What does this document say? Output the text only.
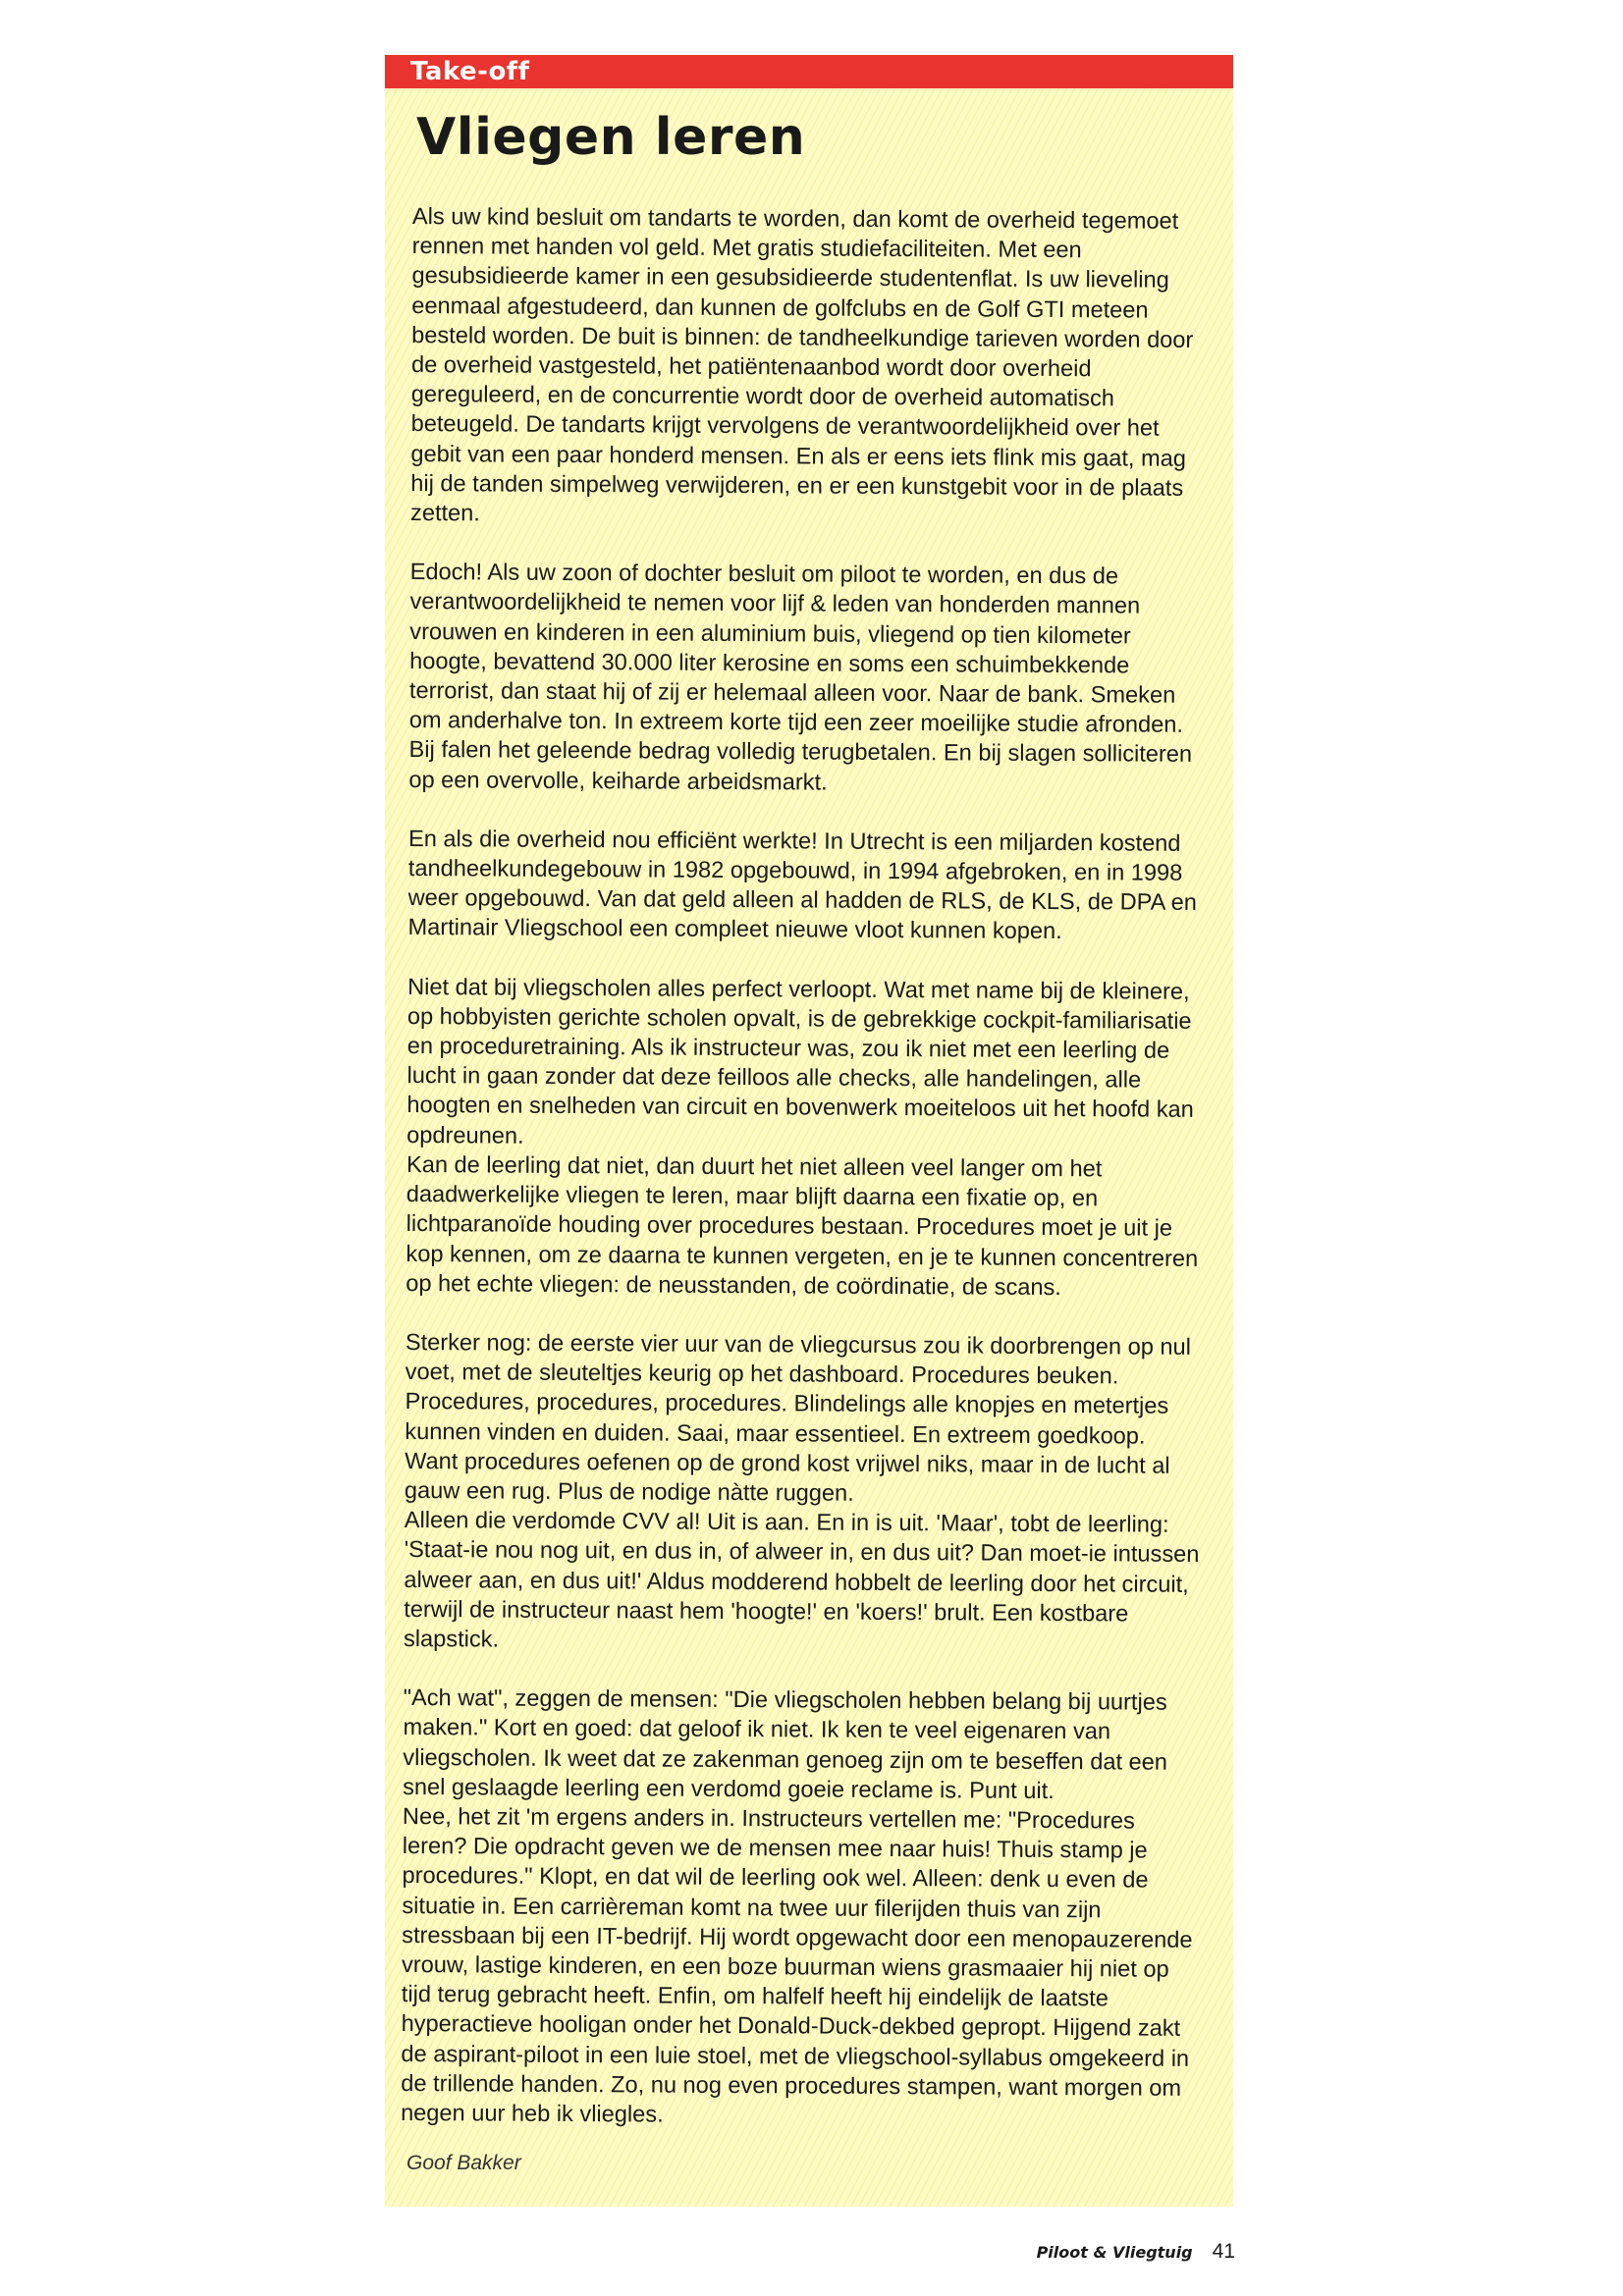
Take-off
Vliegen leren

Als uw kind besluit om tandarts te worden, dan komt de overheid tegemoet rennen met handen vol geld. Met gratis studiefaciliteiten. Met een gesubsidieerde kamer in een gesubsidieerde studentenflat. Is uw lieveling eenmaal afgestudeerd, dan kunnen de golfclubs en de Golf GTI meteen besteld worden. De buit is binnen: de tandheelkundige tarieven worden door de overheid vastgesteld, het patiëntenaanbod wordt door overheid gereguleerd, en de concurrentie wordt door de overheid automatisch beteugeld. De tandarts krijgt vervolgens de verantwoordelijkheid over het gebit van een paar honderd mensen. En als er eens iets flink mis gaat, mag hij de tanden simpelweg verwijderen, en er een kunstgebit voor in de plaats zetten.

Edoch! Als uw zoon of dochter besluit om piloot te worden, en dus de verantwoordelijkheid te nemen voor lijf & leden van honderden mannen vrouwen en kinderen in een aluminium buis, vliegend op tien kilometer hoogte, bevattend 30.000 liter kerosine en soms een schuimbekkende terrorist, dan staat hij of zij er helemaal alleen voor. Naar de bank. Smeken om anderhalve ton. In extreem korte tijd een zeer moeilijke studie afronden. Bij falen het geleende bedrag volledig terugbetalen. En bij slagen solliciteren op een overvolle, keiharde arbeidsmarkt.

En als die overheid nou efficiënt werkte! In Utrecht is een miljarden kostend tandheelkundegebouw in 1982 opgebouwd, in 1994 afgebroken, en in 1998 weer opgebouwd. Van dat geld alleen al hadden de RLS, de KLS, de DPA en Martinair Vliegschool een compleet nieuwe vloot kunnen kopen.

Niet dat bij vliegscholen alles perfect verloopt. Wat met name bij de kleinere, op hobbyisten gerichte scholen opvalt, is de gebrekkige cockpit-familiarisatie en proceduretraining. Als ik instructeur was, zou ik niet met een leerling de lucht in gaan zonder dat deze feilloos alle checks, alle handelingen, alle hoogten en snelheden van circuit en bovenwerk moeiteloos uit het hoofd kan opdreunen.

Kan de leerling dat niet, dan duurt het niet alleen veel langer om het daadwerkelijke vliegen te leren, maar blijft daarna een fixatie op, en lichtparanoïde houding over procedures bestaan. Procedures moet je uit je kop kennen, om ze daarna te kunnen vergeten, en je te kunnen concentreren op het echte vliegen: de neusstanden, de coördinatie, de scans.

Sterker nog: de eerste vier uur van de vliegcursus zou ik doorbrengen op nul voet, met de sleuteltjes keurig op het dashboard. Procedures beuken. Procedures, procedures, procedures. Blindelings alle knopjes en metertjes kunnen vinden en duiden. Saai, maar essentieel. En extreem goedkoop. Want procedures oefenen op de grond kost vrijwel niks, maar in de lucht al gauw een rug. Plus de nodige nàtte ruggen.

Alleen die verdomde CVV al! Uit is aan. En in is uit. 'Maar', tobt de leerling: 'Staat-ie nou nog uit, en dus in, of alweer in, en dus uit? Dan moet-ie intussen alweer aan, en dus uit!' Aldus modderend hobbelt de leerling door het circuit, terwijl de instructeur naast hem 'hoogte!' en 'koers!' brult. Een kostbare slapstick.

"Ach wat", zeggen de mensen: "Die vliegscholen hebben belang bij uurtjes maken." Kort en goed: dat geloof ik niet. Ik ken te veel eigenaren van vliegscholen. Ik weet dat ze zakenman genoeg zijn om te beseffen dat een snel geslaagde leerling een verdomd goeie reclame is. Punt uit.

Nee, het zit 'm ergens anders in. Instructeurs vertellen me: "Procedures leren? Die opdracht geven we de mensen mee naar huis! Thuis stamp je procedures." Klopt, en dat wil de leerling ook wel. Alleen: denk u even de situatie in. Een carrièreman komt na twee uur filerijden thuis van zijn stressbaan bij een IT-bedrijf. Hij wordt opgewacht door een menopauzerende vrouw, lastige kinderen, en een boze buurman wiens grasmaaier hij niet op tijd terug gebracht heeft. Enfin, om halfelf heeft hij eindelijk de laatste hyperactieve hooligan onder het Donald-Duck-dekbed gepropt. Hijgend zakt de aspirant-piloot in een luie stoel, met de vliegschool-syllabus omgekeerd in de trillende handen. Zo, nu nog even procedures stampen, want morgen om negen uur heb ik vliegles.

Goof Bakker
Piloot & Vliegtuig 41
